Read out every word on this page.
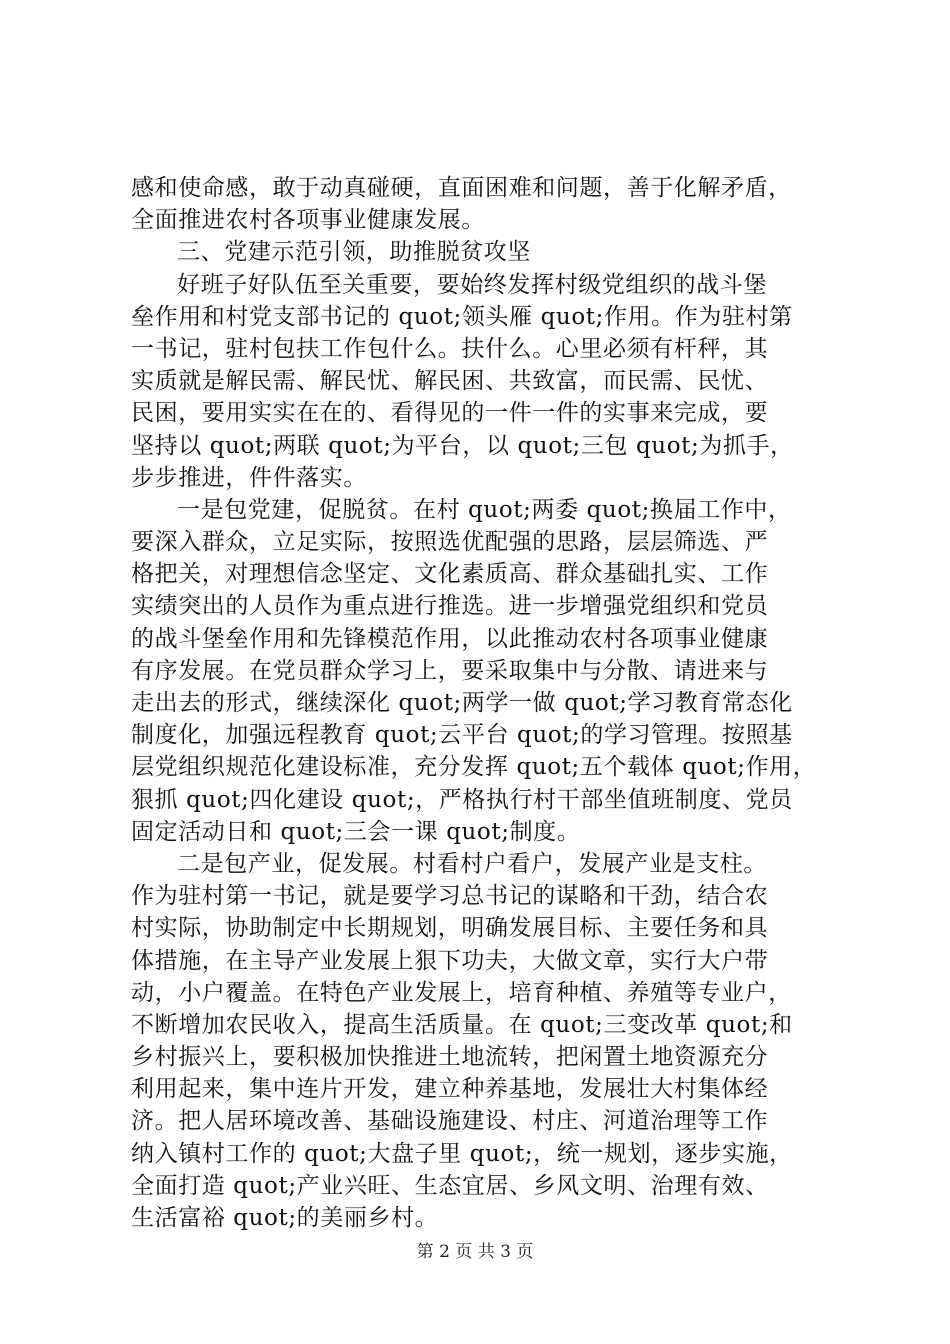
感和使命感，敢于动真碰硬，直面困难和问题，善于化解矛盾，
全面推进农村各项事业健康发展。
三、党建示范引领，助推脱贫攻坚
好班子好队伍至关重要，要始终发挥村级党组织的战斗堡
垒作用和村党支部书记的 quot;领头雁 quot;作用。作为驻村第
一书记，驻村包扶工作包什么。扶什么。心里必须有杆秤，其
实质就是解民需、解民忧、解民困、共致富，而民需、民忧、
民困，要用实实在在的、看得见的一件一件的实事来完成，要
坚持以 quot;两联 quot;为平台，以 quot;三包 quot;为抓手，
步步推进，件件落实。
一是包党建，促脱贫。在村 quot;两委 quot;换届工作中，
要深入群众，立足实际，按照选优配强的思路，层层筛选、严
格把关，对理想信念坚定、文化素质高、群众基础扎实、工作
实绩突出的人员作为重点进行推选。进一步增强党组织和党员
的战斗堡垒作用和先锋模范作用，以此推动农村各项事业健康
有序发展。在党员群众学习上，要采取集中与分散、请进来与
走出去的形式，继续深化 quot;两学一做 quot;学习教育常态化
制度化，加强远程教育 quot;云平台 quot;的学习管理。按照基
层党组织规范化建设标准，充分发挥 quot;五个载体 quot;作用，
狠抓 quot;四化建设 quot;，严格执行村干部坐值班制度、党员
固定活动日和 quot;三会一课 quot;制度。
二是包产业，促发展。村看村户看户，发展产业是支柱。
作为驻村第一书记，就是要学习总书记的谋略和干劲，结合农
村实际，协助制定中长期规划，明确发展目标、主要任务和具
体措施，在主导产业发展上狠下功夫，大做文章，实行大户带
动，小户覆盖。在特色产业发展上，培育种植、养殖等专业户，
不断增加农民收入，提高生活质量。在 quot;三变改革 quot;和
乡村振兴上，要积极加快推进土地流转，把闲置土地资源充分
利用起来，集中连片开发，建立种养基地，发展壮大村集体经
济。把人居环境改善、基础设施建设、村庄、河道治理等工作
纳入镇村工作的 quot;大盘子里 quot;，统一规划，逐步实施，
全面打造 quot;产业兴旺、生态宜居、乡风文明、治理有效、
生活富裕 quot;的美丽乡村。
第 2 页 共 3 页
